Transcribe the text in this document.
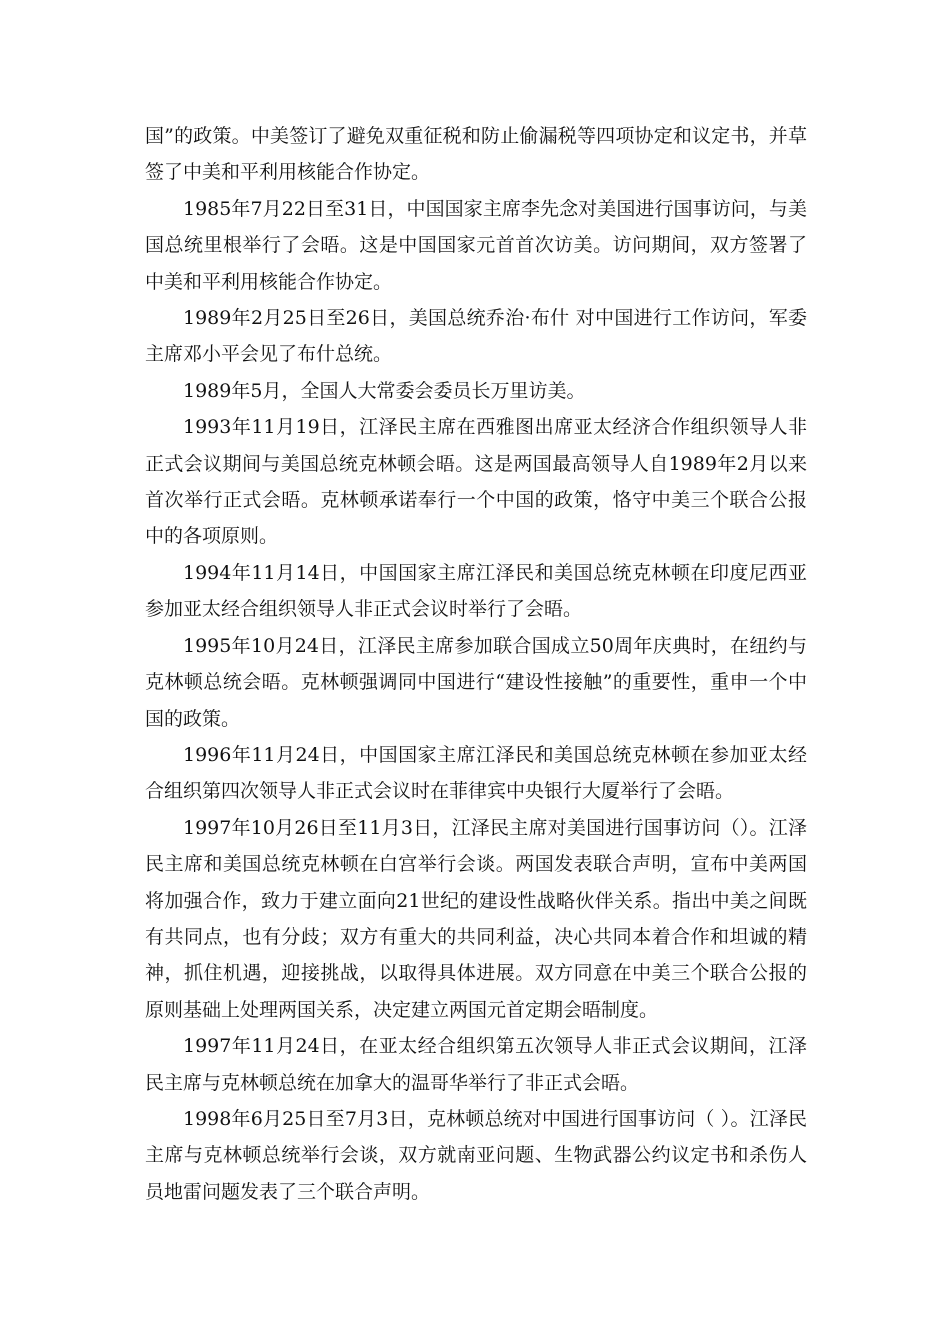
国”的政策。中美签订了避免双重征税和防止偷漏税等四项协定和议定书，并草签了中美和平利用核能合作协定。

1985年7月22日至31日，中国国家主席李先念对美国进行国事访问，与美国总统里根举行了会晤。这是中国国家元首首次访美。访问期间，双方签署了中美和平利用核能合作协定。

1989年2月25日至26日，美国总统乔治·布什 对中国进行工作访问，军委主席邓小平会见了布什总统。

1989年5月，全国人大常委会委员长万里访美。

1993年11月19日，江泽民主席在西雅图出席亚太经济合作组织领导人非正式会议期间与美国总统克林顿会晤。这是两国最高领导人自1989年2月以来首次举行正式会晤。克林顿承诺奉行一个中国的政策，恪守中美三个联合公报中的各项原则。

1994年11月14日，中国国家主席江泽民和美国总统克林顿在印度尼西亚参加亚太经合组织领导人非正式会议时举行了会晤。

1995年10月24日，江泽民主席参加联合国成立50周年庆典时，在纽约与克林顿总统会晤。克林顿强调同中国进行“建设性接触”的重要性，重申一个中国的政策。

1996年11月24日，中国国家主席江泽民和美国总统克林顿在参加亚太经合组织第四次领导人非正式会议时在菲律宾中央银行大厦举行了会晤。

1997年10月26日至11月3日，江泽民主席对美国进行国事访问（）。江泽民主席和美国总统克林顿在白宫举行会谈。两国发表联合声明，宣布中美两国将加强合作，致力于建立面向21世纪的建设性战略伙伴关系。指出中美之间既有共同点，也有分歧；双方有重大的共同利益，决心共同本着合作和坦诚的精神，抓住机遇，迎接挑战，以取得具体进展。双方同意在中美三个联合公报的原则基础上处理两国关系，决定建立两国元首定期会晤制度。

1997年11月24日，在亚太经合组织第五次领导人非正式会议期间，江泽民主席与克林顿总统在加拿大的温哥华举行了非正式会晤。

1998年6月25日至7月3日，克林顿总统对中国进行国事访问（ ）。江泽民主席与克林顿总统举行会谈，双方就南亚问题、生物武器公约议定书和杀伤人员地雷问题发表了三个联合声明。
